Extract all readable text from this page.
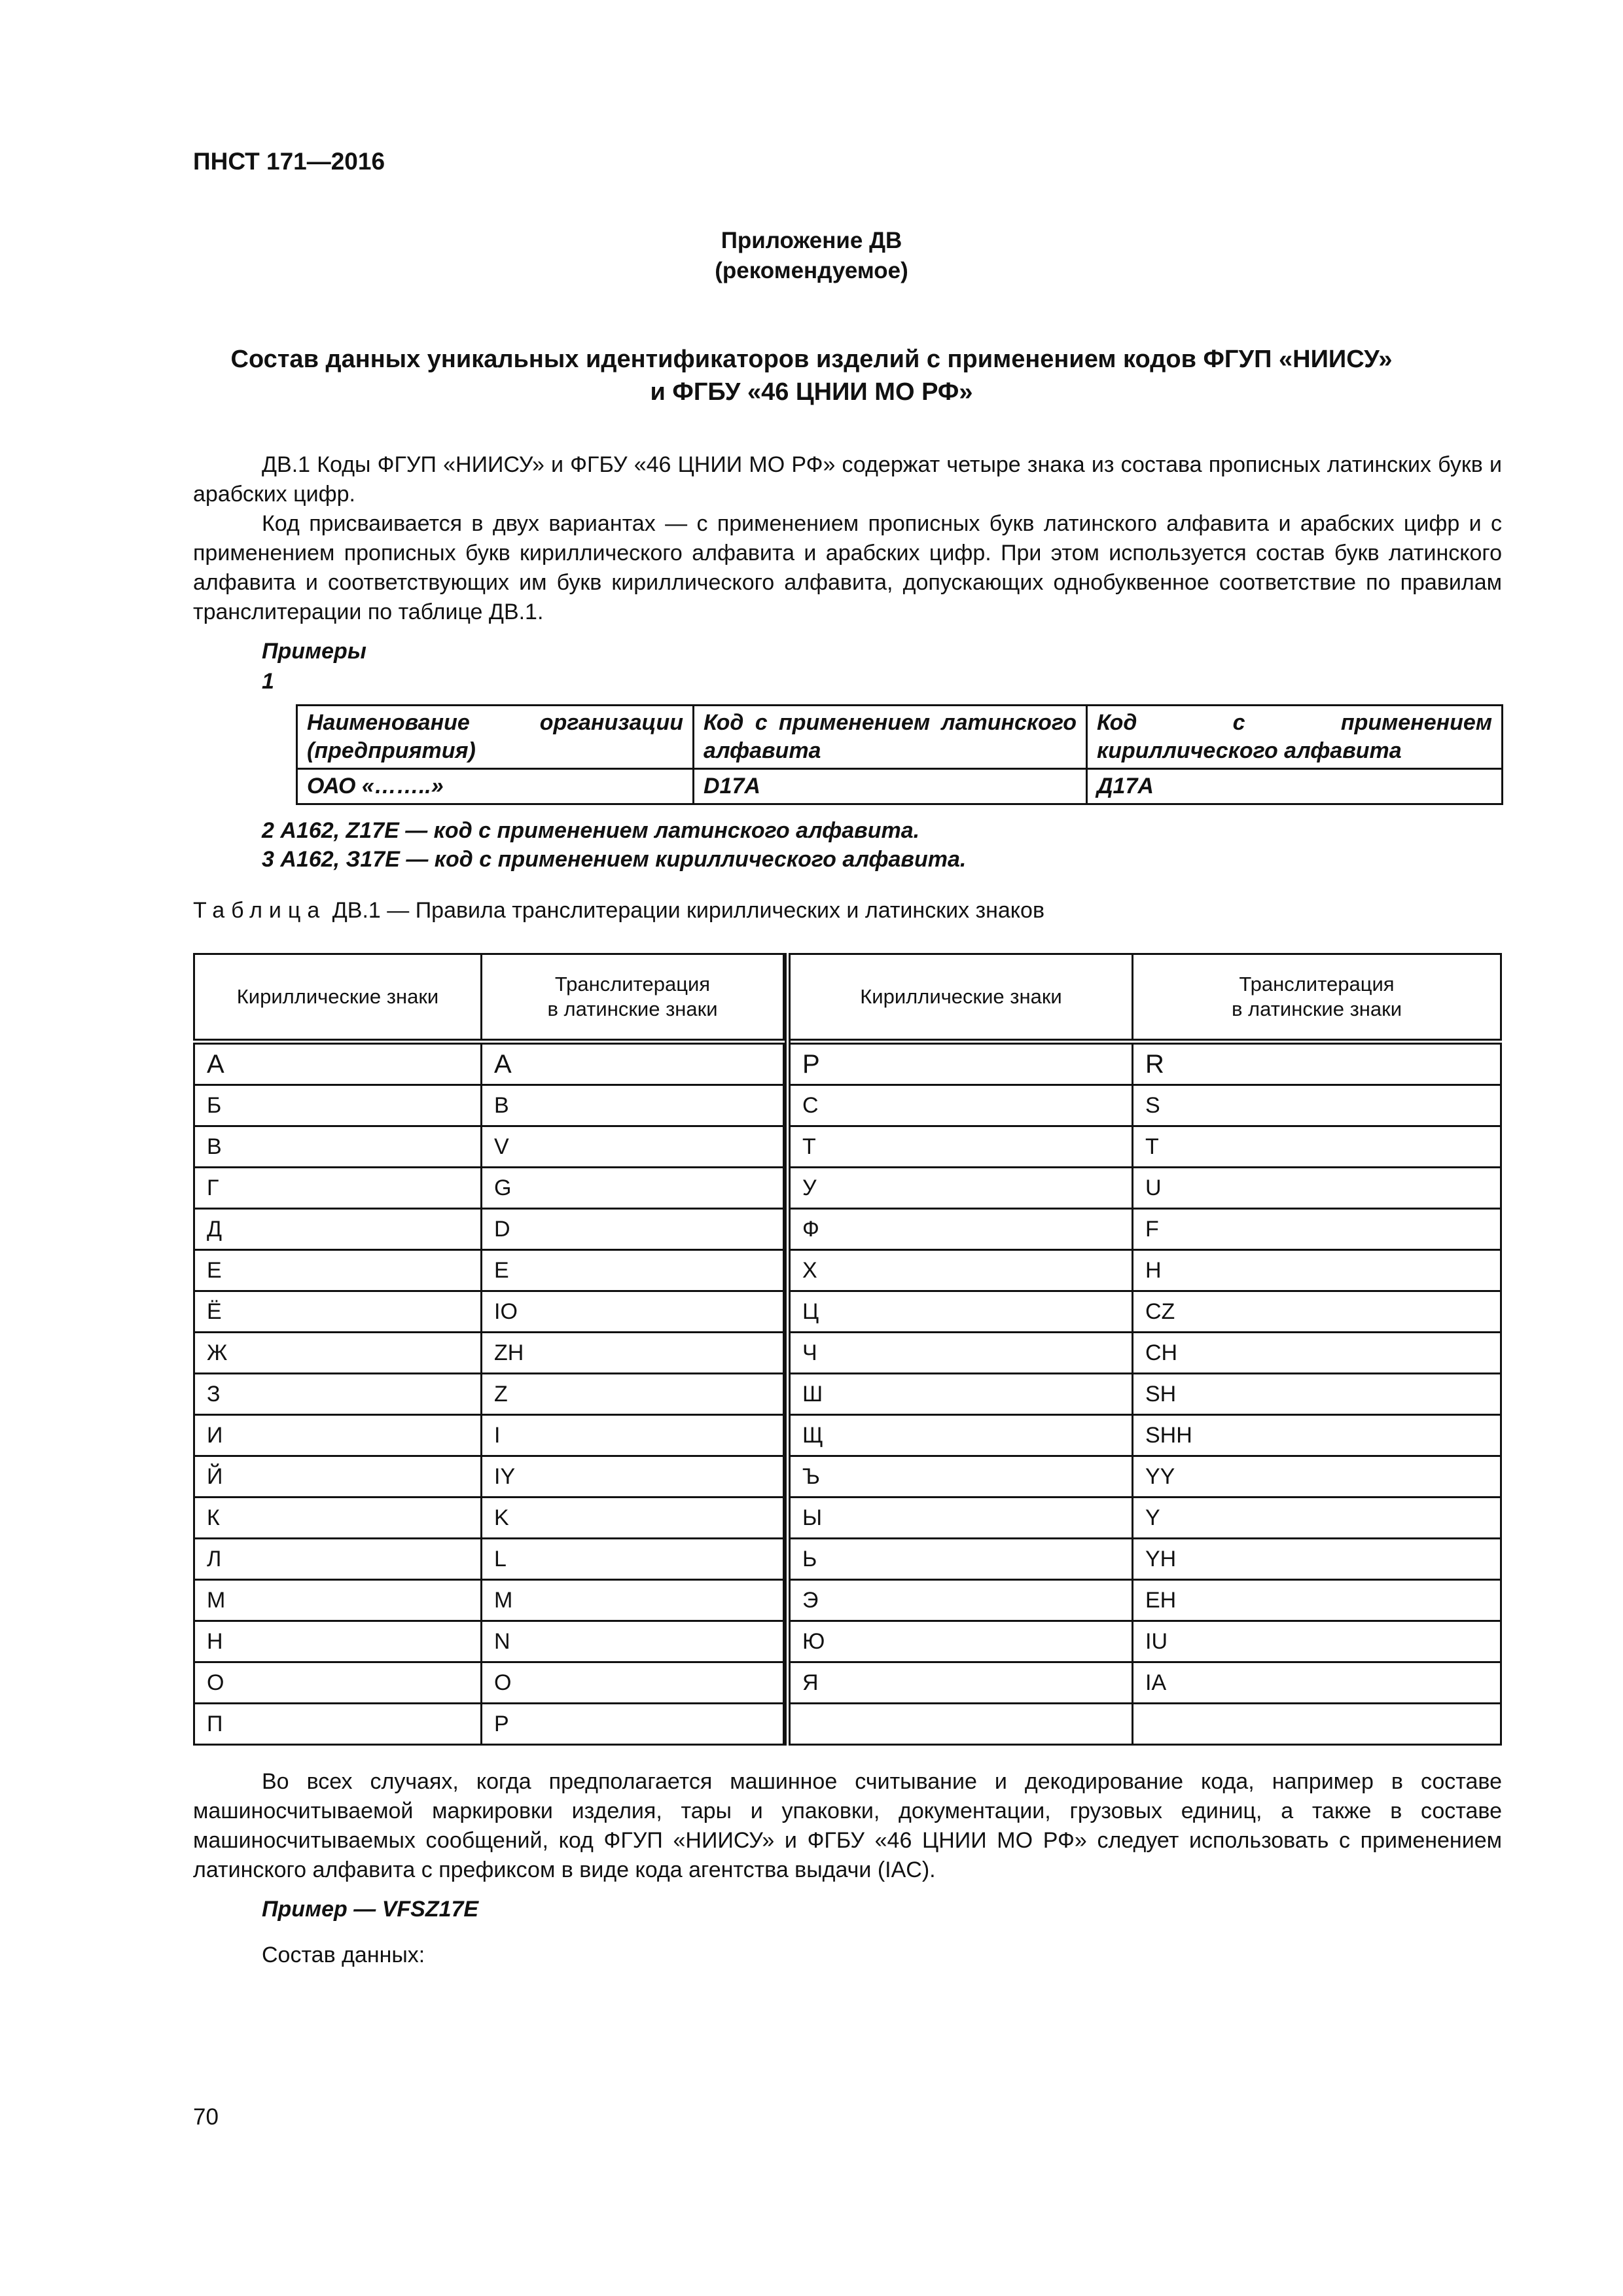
ПНСТ 171—2016
Приложение ДВ
(рекомендуемое)
Состав данных уникальных идентификаторов изделий с применением кодов ФГУП «НИИСУ»
и ФГБУ «46 ЦНИИ МО РФ»
ДВ.1 Коды ФГУП «НИИСУ» и ФГБУ «46 ЦНИИ МО РФ» содержат четыре знака из состава прописных латинских букв и арабских цифр.
Код присваивается в двух вариантах — с применением прописных букв латинского алфавита и арабских цифр и с применением прописных букв кириллического алфавита и арабских цифр. При этом используется состав букв латинского алфавита и соответствующих им букв кириллического алфавита, допускающих однобуквенное соответствие по правилам транслитерации по таблице ДВ.1.
Примеры
1
Наименование организации (предприятия)	Код с применением латинского алфавита	Код с применением кириллического алфавита
ОАО «……..»	D17A	Д17А
2 А162, Z17E — код с применением латинского алфавита.
3 А162, З17Е — код с применением кириллического алфавита.
Таблица ДВ.1 — Правила транслитерации кириллических и латинских знаков
Кириллические знаки	Транслитерация
в латинские знаки
А	A
Б	B
В	V
Г	G
Д	D
Е	E
Ё	IO
Ж	ZH
З	Z
И	I
Й	IY
К	K
Л	L
М	M
Н	N
О	O
П	P
Кириллические знаки	Транслитерация
в латинские знаки
Р	R
С	S
Т	T
У	U
Ф	F
Х	H
Ц	CZ
Ч	CH
Ш	SH
Щ	SHH
Ъ	YY
Ы	Y
Ь	YH
Э	EH
Ю	IU
Я	IA

Во всех случаях, когда предполагается машинное считывание и декодирование кода, например в составе машиносчитываемой маркировки изделия, тары и упаковки, документации, грузовых единиц, а также в составе машиносчитываемых сообщений, код ФГУП «НИИСУ» и ФГБУ «46 ЦНИИ МО РФ» следует использовать с применением латинского алфавита с префиксом в виде кода агентства выдачи (IAC).
Пример — VFSZ17E
Состав данных:
70
